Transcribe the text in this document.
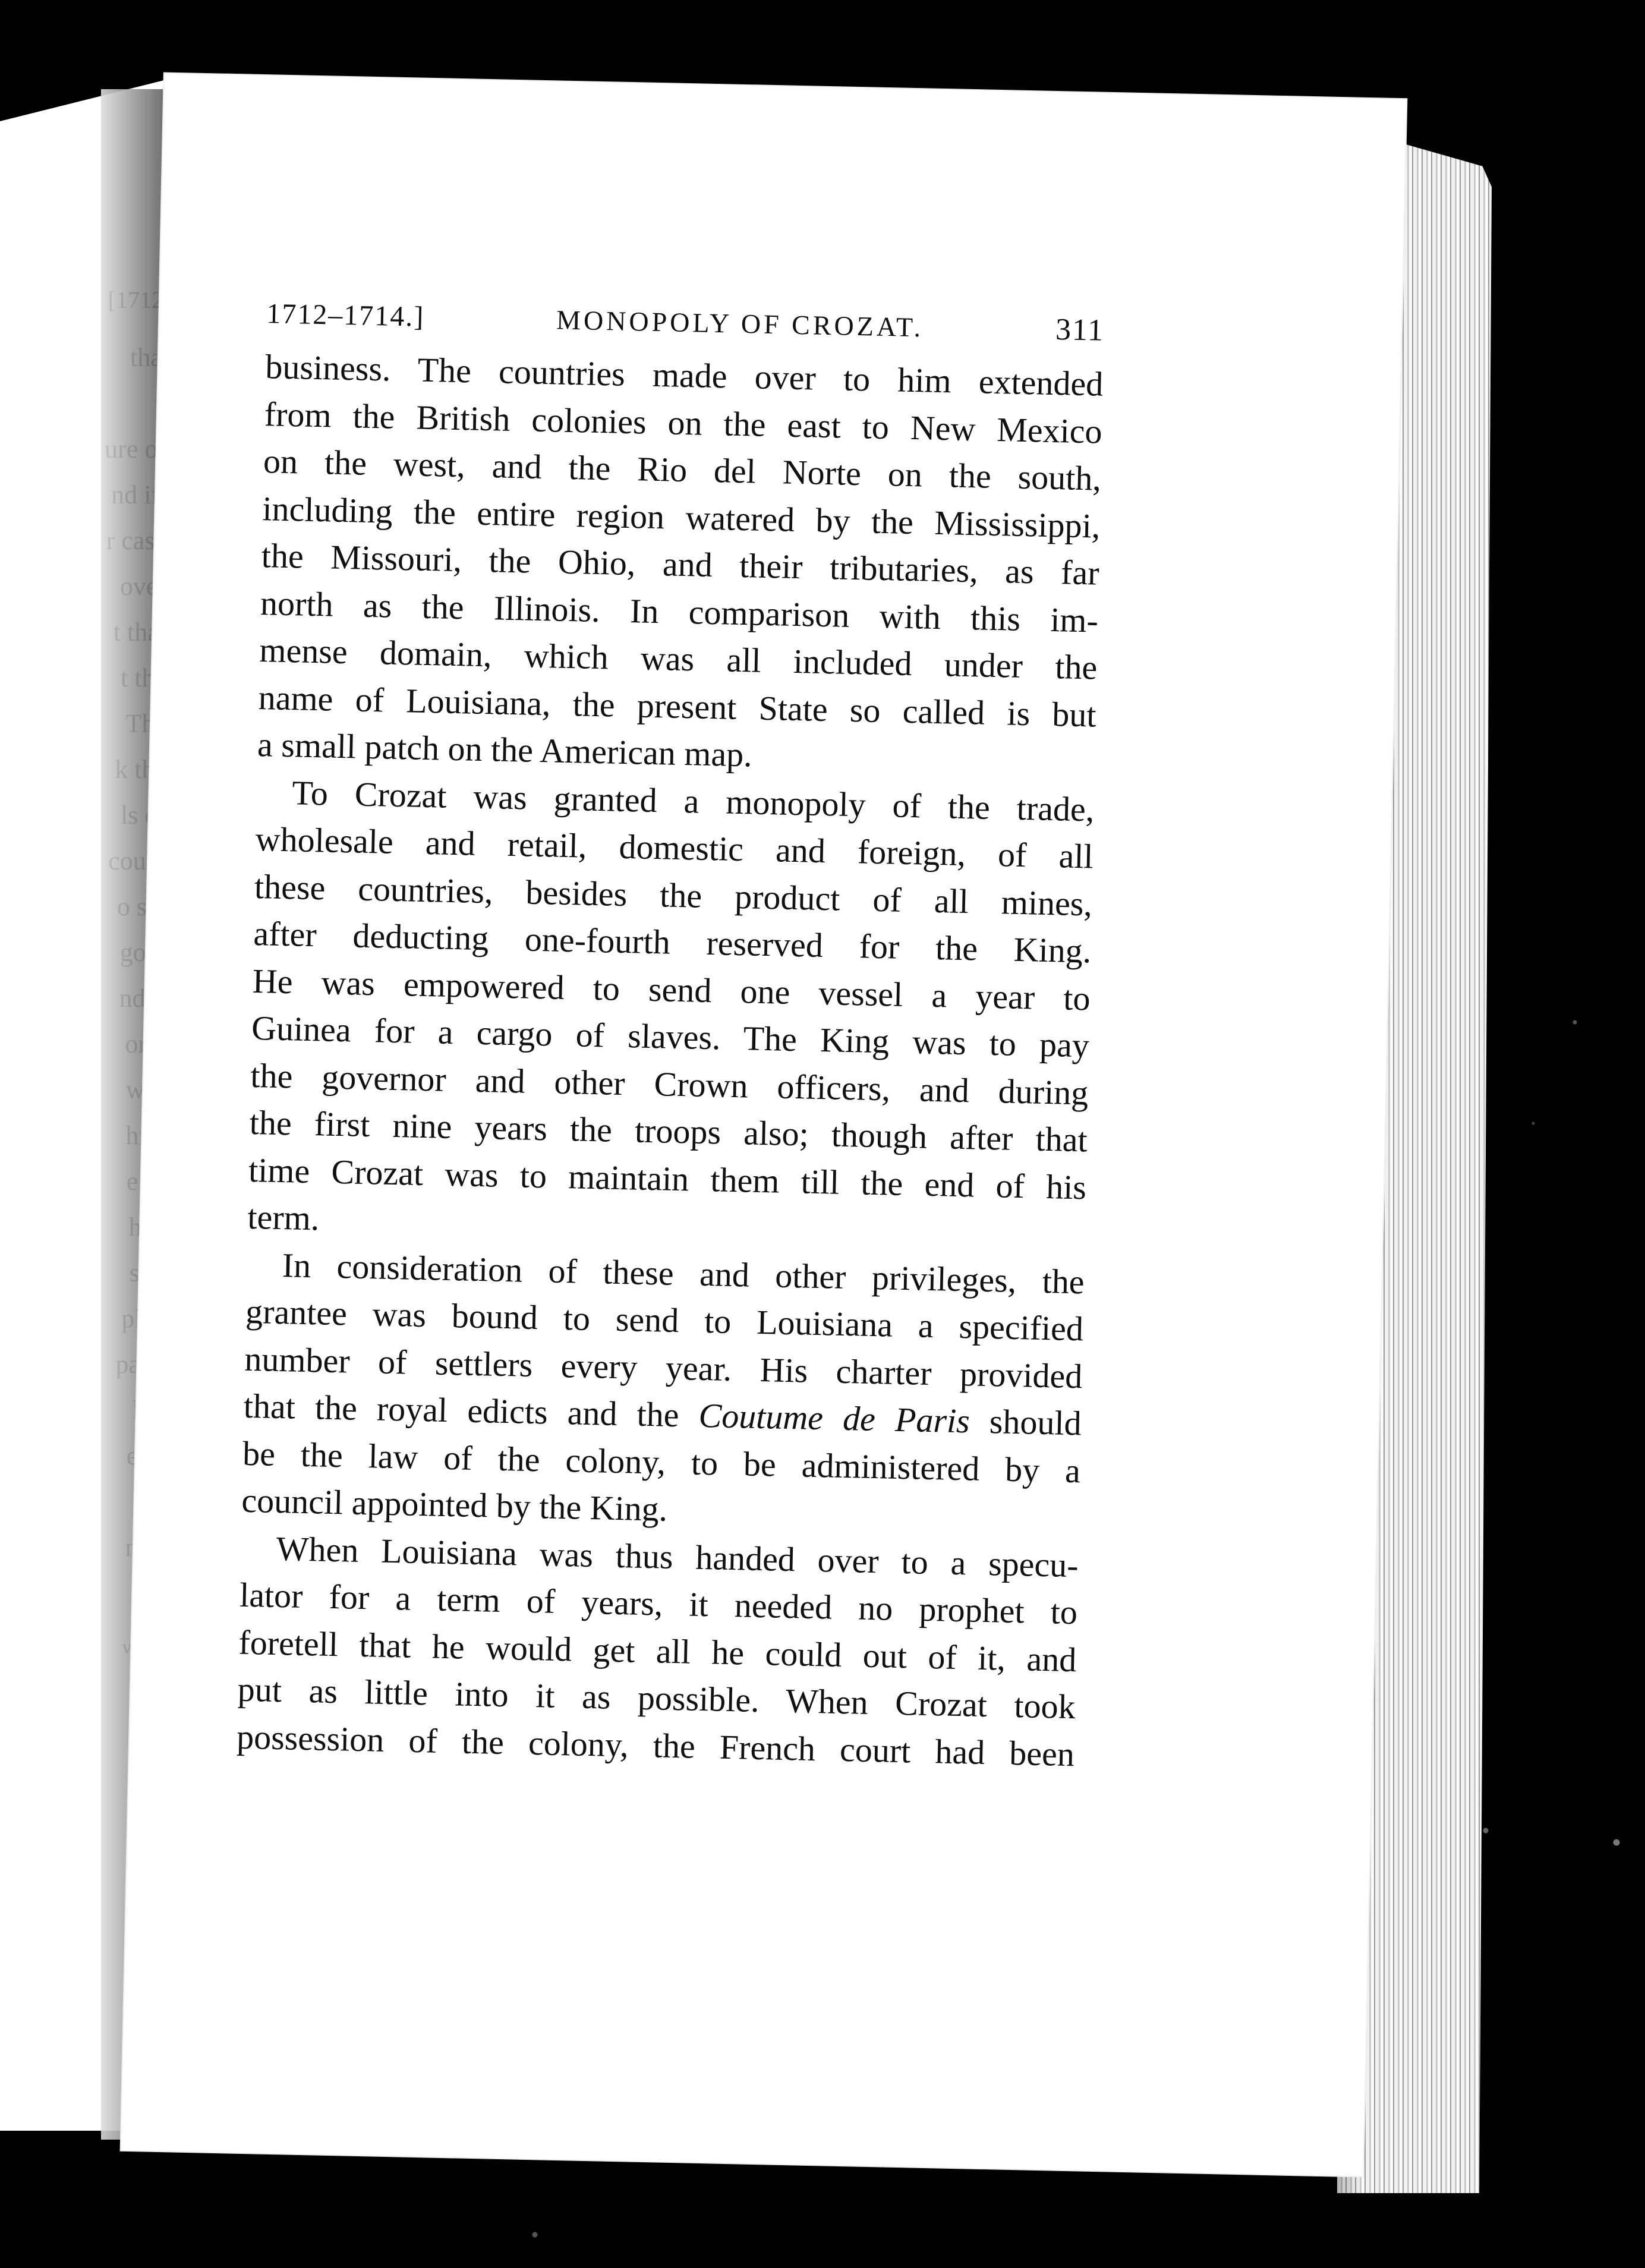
1712–1714.]	MONOPOLY OF CROZAT.	311
business. The countries made over to him extended
from the British colonies on the east to New Mexico
on the west, and the Rio del Norte on the south,
including the entire region watered by the Mississippi,
the Missouri, the Ohio, and their tributaries, as far
north as the Illinois. In comparison with this im-
mense domain, which was all included under the
name of Louisiana, the present State so called is but
a small patch on the American map.
To Crozat was granted a monopoly of the trade,
wholesale and retail, domestic and foreign, of all
these countries, besides the product of all mines,
after deducting one-fourth reserved for the King.
He was empowered to send one vessel a year to
Guinea for a cargo of slaves. The King was to pay
the governor and other Crown officers, and during
the first nine years the troops also; though after that
time Crozat was to maintain them till the end of his
term.
In consideration of these and other privileges, the
grantee was bound to send to Louisiana a specified
number of settlers every year. His charter provided
that the royal edicts and the Coutume de Paris should
be the law of the colony, to be administered by a
council appointed by the King.
When Louisiana was thus handed over to a specu-
lator for a term of years, it needed no prophet to
foretell that he would get all he could out of it, and
put as little into it as possible. When Crozat took
possession of the colony, the French court had been
